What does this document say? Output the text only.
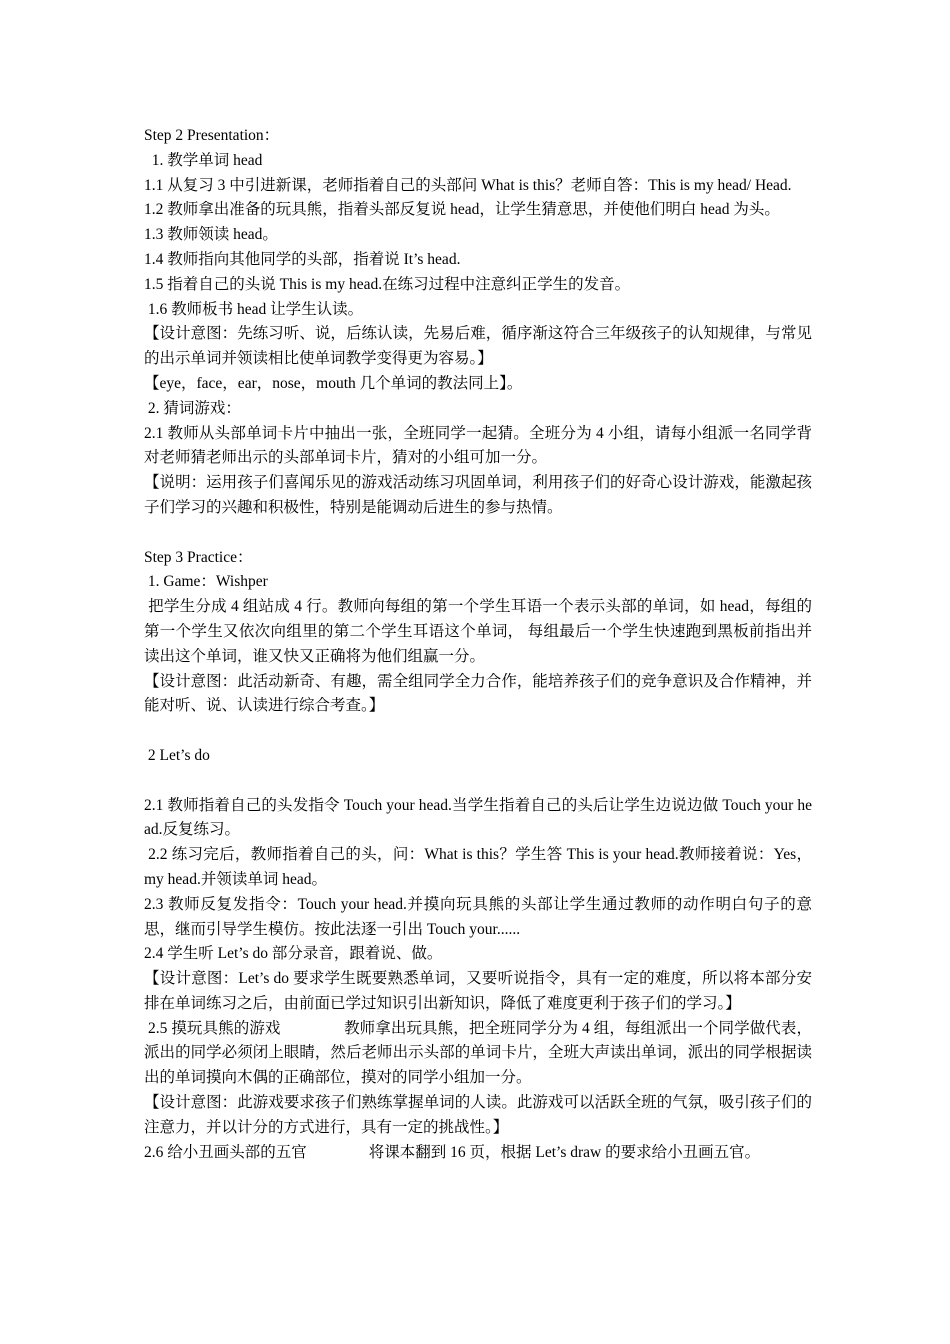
Step 2 Presentation：

1. 教学单词 head

1.1 从复习 3 中引进新课，老师指着自己的头部问 What is this？老师自答：This is my head/ Head.

1.2 教师拿出准备的玩具熊，指着头部反复说 head，让学生猜意思，并使他们明白 head 为头。

1.3 教师领读 head。

1.4 教师指向其他同学的头部，指着说 It’s head.

1.5 指着自己的头说 This is my head.在练习过程中注意纠正学生的发音。

1.6 教师板书 head 让学生认读。

【设计意图：先练习听、说，后练认读，先易后难，循序渐这符合三年级孩子的认知规律，与常见的出示单词并领读相比使单词教学变得更为容易。】

【eye，face，ear，nose，mouth 几个单词的教法同上】。

2. 猜词游戏：

2.1 教师从头部单词卡片中抽出一张，全班同学一起猜。全班分为 4 小组，请每小组派一名同学背对老师猜老师出示的头部单词卡片，猜对的小组可加一分。

【说明：运用孩子们喜闻乐见的游戏活动练习巩固单词，利用孩子们的好奇心设计游戏，能激起孩子们学习的兴趣和积极性，特别是能调动后进生的参与热情。

Step 3 Practice：

1. Game：Wishper

把学生分成 4 组站成 4 行。教师向每组的第一个学生耳语一个表示头部的单词，如 head，每组的第一个学生又依次向组里的第二个学生耳语这个单词， 每组最后一个学生快速跑到黑板前指出并读出这个单词，谁又快又正确将为他们组赢一分。

【设计意图：此活动新奇、有趣，需全组同学全力合作，能培养孩子们的竞争意识及合作精神，并能对听、说、认读进行综合考查。】

2 Let’s do

2.1 教师指着自己的头发指令 Touch your head.当学生指着自己的头后让学生边说边做 Touch your head.反复练习。

2.2 练习完后，教师指着自己的头，问：What is this？学生答 This is your head.教师接着说：Yes，      my head.并领读单词 head。

2.3 教师反复发指令：Touch your head.并摸向玩具熊的头部让学生通过教师的动作明白句子的意思，继而引导学生模仿。按此法逐一引出 Touch your......

2.4 学生听 Let’s do 部分录音，跟着说、做。

【设计意图：Let’s do 要求学生既要熟悉单词，又要听说指令，具有一定的难度，所以将本部分安排在单词练习之后，由前面已学过知识引出新知识，降低了难度更利于孩子们的学习。】

2.5 摸玩具熊的游戏                教师拿出玩具熊，把全班同学分为 4 组，每组派出一个同学做代表，派出的同学必须闭上眼睛，然后老师出示头部的单词卡片，全班大声读出单词，派出的同学根据读出的单词摸向木偶的正确部位，摸对的同学小组加一分。

【设计意图：此游戏要求孩子们熟练掌握单词的人读。此游戏可以活跃全班的气氛，吸引孩子们的注意力，并以计分的方式进行，具有一定的挑战性。】

2.6 给小丑画头部的五官                将课本翻到 16 页，根据 Let’s draw 的要求给小丑画五官。
